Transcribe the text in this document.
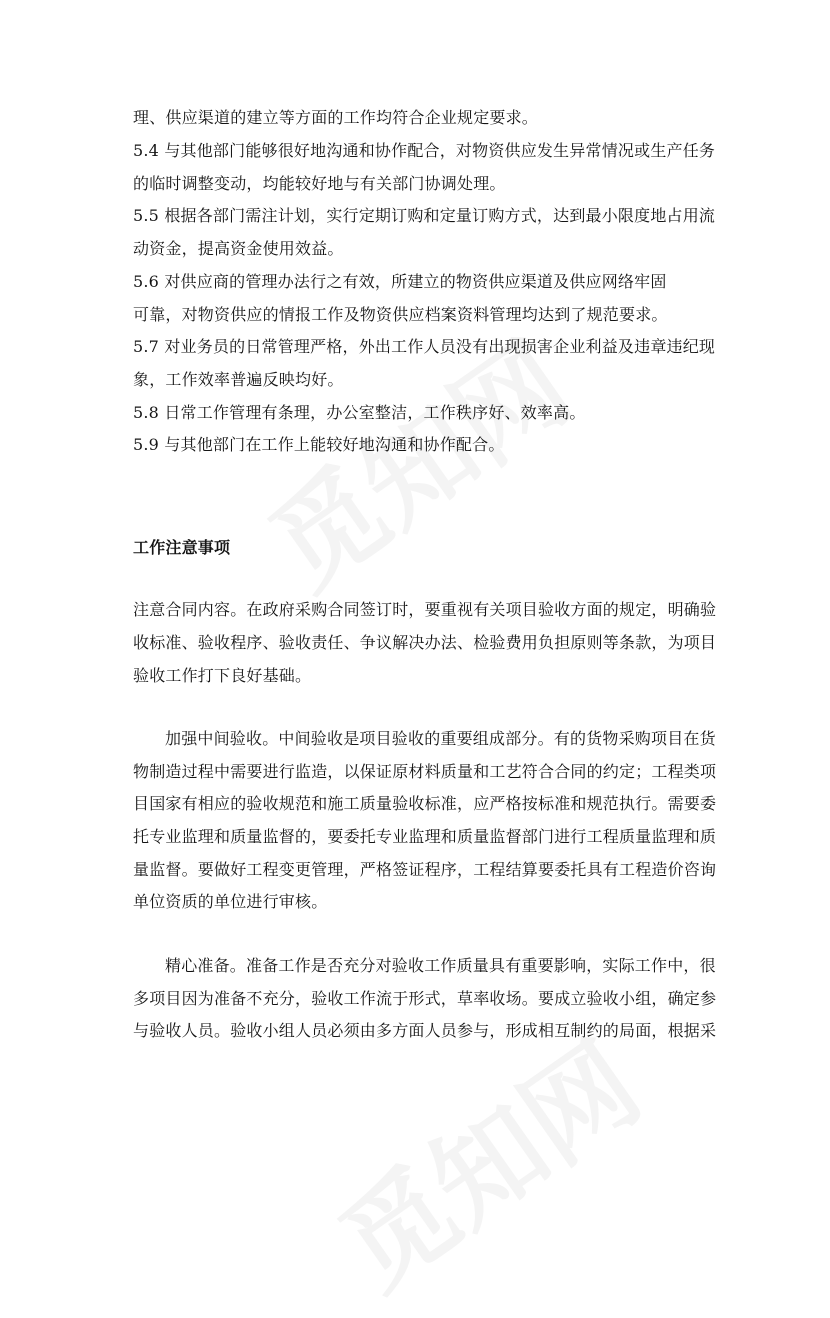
理、供应渠道的建立等方面的工作均符合企业规定要求。
5.4 与其他部门能够很好地沟通和协作配合，对物资供应发生异常情况或生产任务
的临时调整变动，均能较好地与有关部门协调处理。
5.5 根据各部门需注计划，实行定期订购和定量订购方式，达到最小限度地占用流
动资金，提高资金使用效益。
5.6 对供应商的管理办法行之有效，所建立的物资供应渠道及供应网络牢固
可靠，对物资供应的情报工作及物资供应档案资料管理均达到了规范要求。
5.7 对业务员的日常管理严格，外出工作人员没有出现损害企业利益及违章违纪现
象，工作效率普遍反映均好。
5.8 日常工作管理有条理，办公室整洁，工作秩序好、效率高。
5.9 与其他部门在工作上能较好地沟通和协作配合。
工作注意事项
注意合同内容。在政府采购合同签订时，要重视有关项目验收方面的规定，明确验
收标准、验收程序、验收责任、争议解决办法、检验费用负担原则等条款，为项目
验收工作打下良好基础。
加强中间验收。中间验收是项目验收的重要组成部分。有的货物采购项目在货
物制造过程中需要进行监造，以保证原材料质量和工艺符合合同的约定；工程类项
目国家有相应的验收规范和施工质量验收标准，应严格按标准和规范执行。需要委
托专业监理和质量监督的，要委托专业监理和质量监督部门进行工程质量监理和质
量监督。要做好工程变更管理，严格签证程序，工程结算要委托具有工程造价咨询
单位资质的单位进行审核。
精心准备。准备工作是否充分对验收工作质量具有重要影响，实际工作中，很
多项目因为准备不充分，验收工作流于形式，草率收场。要成立验收小组，确定参
与验收人员。验收小组人员必须由多方面人员参与，形成相互制约的局面，根据采
